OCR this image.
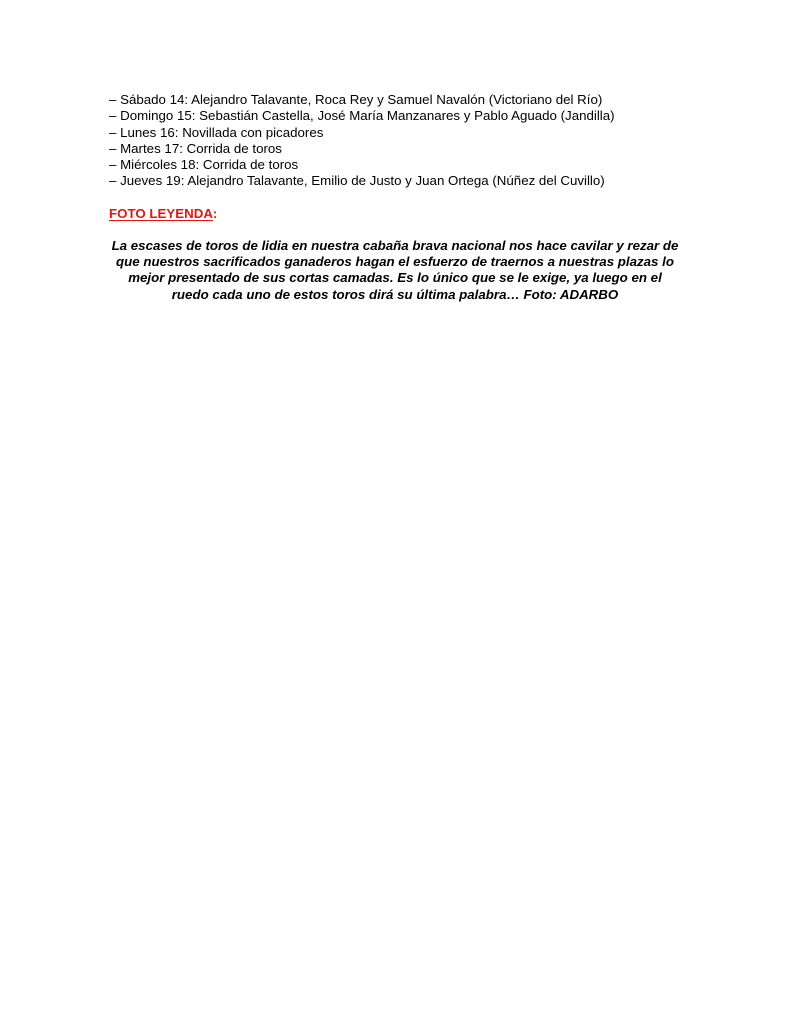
– Sábado 14: Alejandro Talavante, Roca Rey y Samuel Navalón (Victoriano del Río)
– Domingo 15: Sebastián Castella, José María Manzanares y Pablo Aguado (Jandilla)
– Lunes 16: Novillada con picadores
– Martes 17: Corrida de toros
– Miércoles 18: Corrida de toros
– Jueves 19: Alejandro Talavante, Emilio de Justo y Juan Ortega (Núñez del Cuvillo)

FOTO LEYENDA:

La escases de toros de lidia en nuestra cabaña brava nacional nos hace cavilar y rezar de que nuestros sacrificados ganaderos hagan el esfuerzo de traernos a nuestras plazas lo mejor presentado de sus cortas camadas. Es lo único que se le exige, ya luego en el ruedo cada uno de estos toros dirá su última palabra… Foto: ADARBO
